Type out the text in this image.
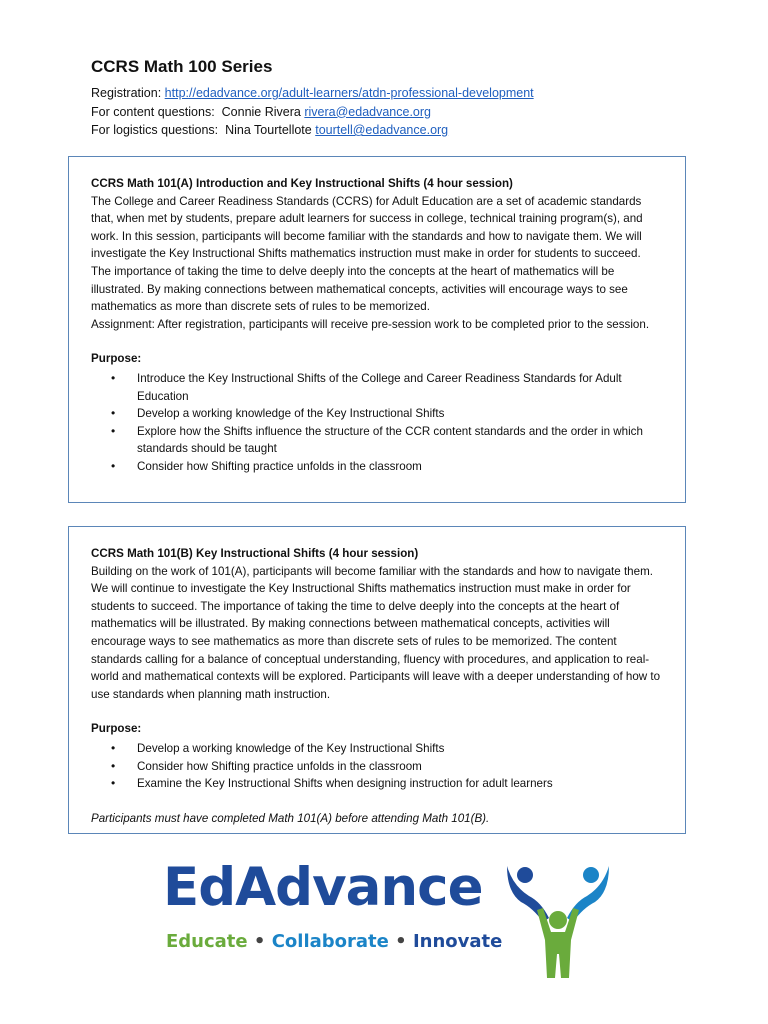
CCRS Math 100 Series
Registration: http://edadvance.org/adult-learners/atdn-professional-development
For content questions: Connie Rivera rivera@edadvance.org
For logistics questions: Nina Tourtellote tourtell@edadvance.org

CCRS Math 101(A) Introduction and Key Instructional Shifts (4 hour session)

The College and Career Readiness Standards (CCRS) for Adult Education are a set of academic standards that, when met by students, prepare adult learners for success in college, technical training program(s), and work. In this session, participants will become familiar with the standards and how to navigate them. We will investigate the Key Instructional Shifts mathematics instruction must make in order for students to succeed. The importance of taking the time to delve deeply into the concepts at the heart of mathematics will be illustrated. By making connections between mathematical concepts, activities will encourage ways to see mathematics as more than discrete sets of rules to be memorized.

Assignment: After registration, participants will receive pre-session work to be completed prior to the session.

Purpose:

• Introduce the Key Instructional Shifts of the College and Career Readiness Standards for Adult Education
• Develop a working knowledge of the Key Instructional Shifts
• Explore how the Shifts influence the structure of the CCR content standards and the order in which standards should be taught
• Consider how Shifting practice unfolds in the classroom

CCRS Math 101(B) Key Instructional Shifts (4 hour session)

Building on the work of 101(A), participants will become familiar with the standards and how to navigate them. We will continue to investigate the Key Instructional Shifts mathematics instruction must make in order for students to succeed. The importance of taking the time to delve deeply into the concepts at the heart of mathematics will be illustrated. By making connections between mathematical concepts, activities will encourage ways to see mathematics as more than discrete sets of rules to be memorized. The content standards calling for a balance of conceptual understanding, fluency with procedures, and application to real-world and mathematical contexts will be explored. Participants will leave with a deeper understanding of how to use standards when planning math instruction.

Purpose:

• Develop a working knowledge of the Key Instructional Shifts
• Consider how Shifting practice unfolds in the classroom
• Examine the Key Instructional Shifts when designing instruction for adult learners

Participants must have completed Math 101(A) before attending Math 101(B).

EdAdvance
Educate • Collaborate • Innovate
